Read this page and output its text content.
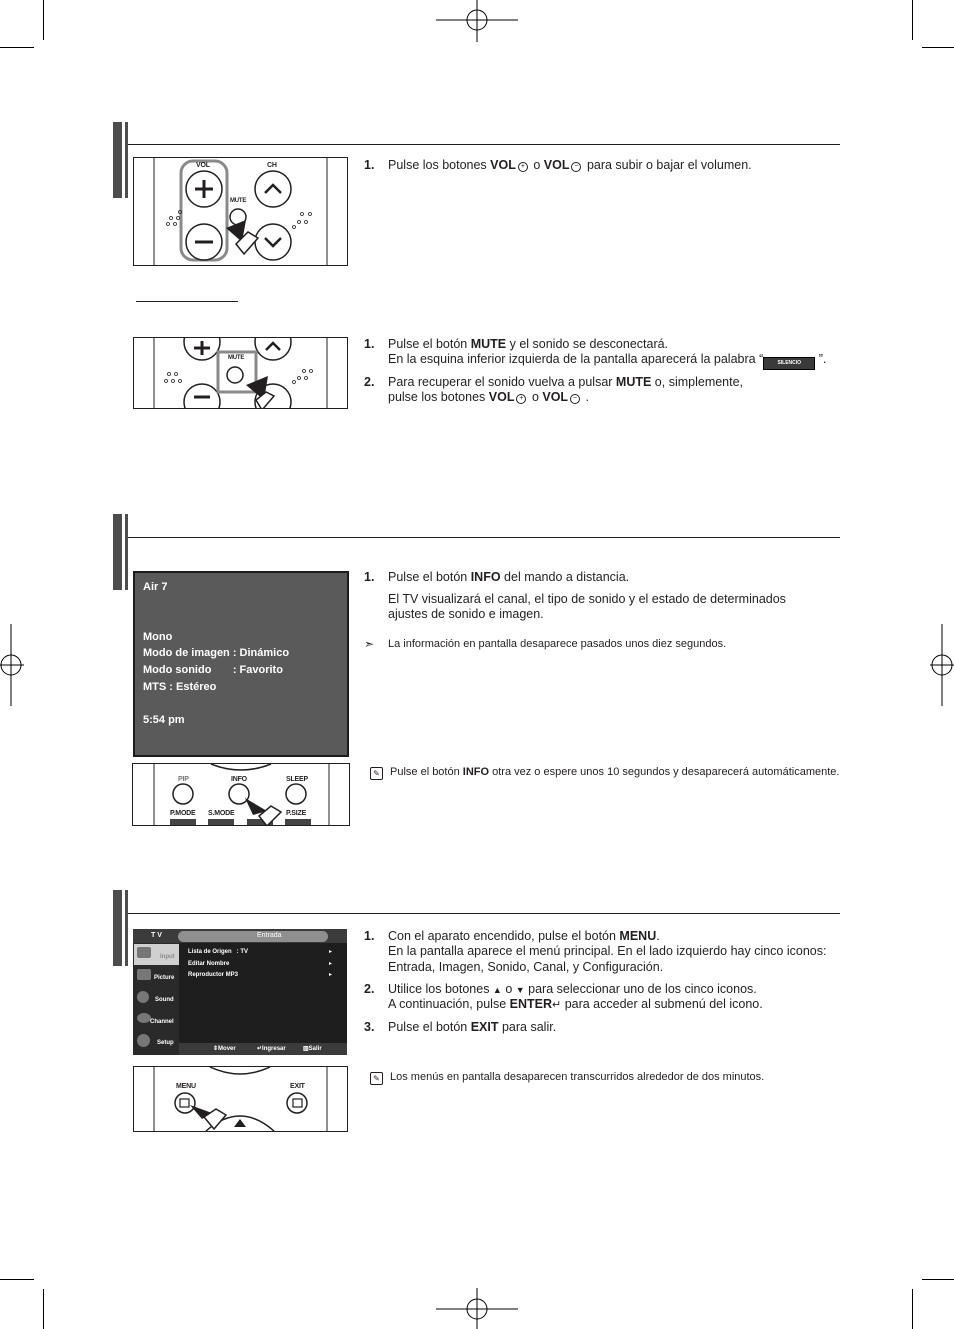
VOL	CH
MUTE
1. Pulse los botones VOL + o VOL − para subir o bajar el volumen.
MUTE
1. Pulse el botón MUTE y el sonido se desconectará.
En la esquina inferior izquierda de la pantalla aparecerá la palabra “	SILENCIO ”.
2. Para recuperar el sonido vuelva a pulsar MUTE o, simplemente,
pulse los botones VOL + o VOL − .
Air 7
Mono
Modo de imagen : Dinámico
Modo sonido       : Favorito
MTS : Estéreo
5:54 pm
1. Pulse el botón INFO del mando a distancia.
El TV visualizará el canal, el tipo de sonido y el estado de determinados
ajustes de sonido e imagen.
➣ La información en pantalla desaparece pasados unos diez segundos.
PIP	INFO	SLEEP
P.MODE S.MODE	P.SIZE
✎ Pulse el botón INFO otra vez o espere unos 10 segundos y desaparecerá automáticamente.
T V	Entrada
Input
Picture
Sound
Channel
Setup
Lista de Origen   : TV
Editar Nombre
Reproductor MP3
▸
▸
▸
⇕Mover	↵Ingresar	▥Salir
1. Con el aparato encendido, pulse el botón MENU.
En la pantalla aparece el menú principal. En el lado izquierdo hay cinco iconos:
Entrada, Imagen, Sonido, Canal, y Configuración.
2. Utilice los botones ▲ o ▼ para seleccionar uno de los cinco iconos.
A continuación, pulse ENTER↵ para acceder al submenú del icono.
3. Pulse el botón EXIT para salir.
MENU	EXIT
✎ Los menús en pantalla desaparecen transcurridos alrededor de dos minutos.
